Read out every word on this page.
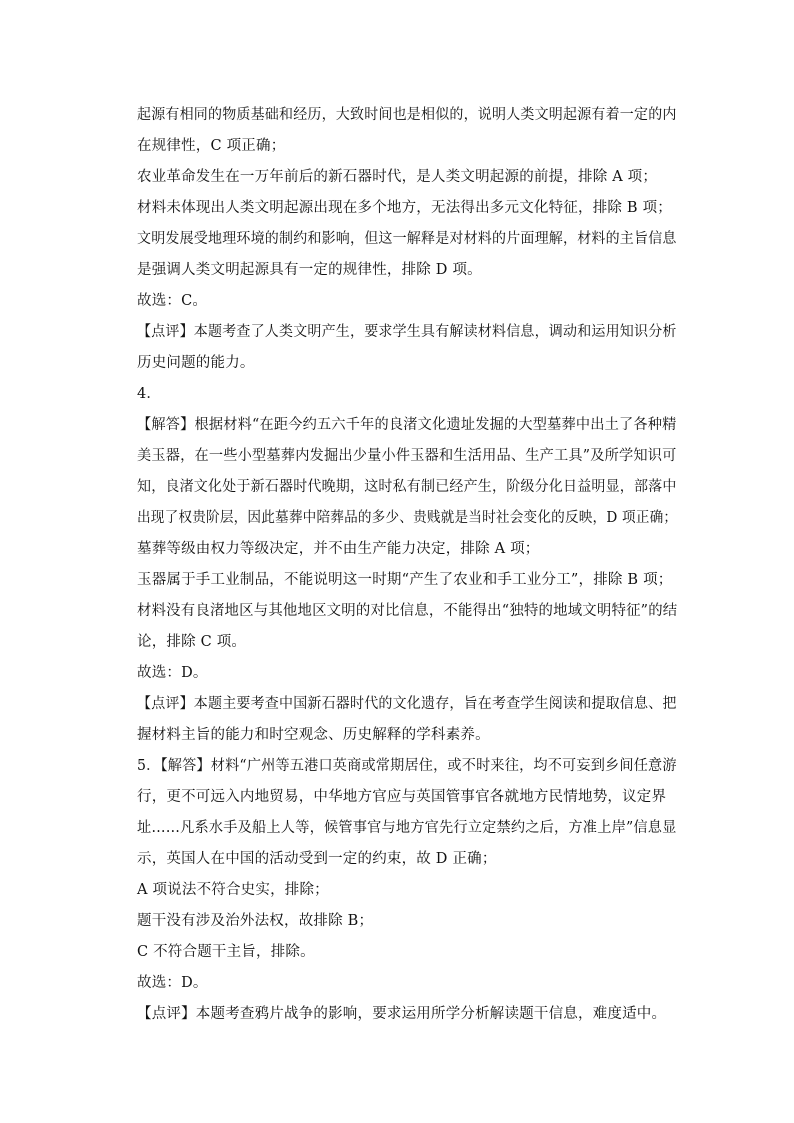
起源有相同的物质基础和经历，大致时间也是相似的，说明人类文明起源有着一定的内
在规律性，C 项正确；
农业革命发生在一万年前后的新石器时代，是人类文明起源的前提，排除 A 项；
材料未体现出人类文明起源出现在多个地方，无法得出多元文化特征，排除 B 项；
文明发展受地理环境的制约和影响，但这一解释是对材料的片面理解，材料的主旨信息
是强调人类文明起源具有一定的规律性，排除 D 项。
故选：C。
【点评】本题考查了人类文明产生，要求学生具有解读材料信息，调动和运用知识分析
历史问题的能力。
4．
【解答】根据材料“在距今约五六千年的良渚文化遗址发掘的大型墓葬中出土了各种精 美玉器，在一些小型墓葬内发掘出少量小件玉器和生活用品、生产工具”及所学知识可 知，良渚文化处于新石器时代晚期，这时私有制已经产生，阶级分化日益明显，部落中 出现了权贵阶层，因此墓葬中陪葬品的多少、贵贱就是当时社会变化的反映，D 项正确；
墓葬等级由权力等级决定，并不由生产能力决定，排除 A 项；
玉器属于手工业制品，不能说明这一时期“产生了农业和手工业分工”，排除 B 项；
材料没有良渚地区与其他地区文明的对比信息，不能得出“独特的地域文明特征”的结
论，排除 C 项。
故选：D。
【点评】本题主要考查中国新石器时代的文化遗存，旨在考查学生阅读和提取信息、把
握材料主旨的能力和时空观念、历史解释的学科素养。
5．【解答】材料“广州等五港口英商或常期居住，或不时来往，均不可妄到乡间任意游
行，更不可远入内地贸易，中华地方官应与英国管事官各就地方民情地势，议定界
址……凡系水手及船上人等，候管事官与地方官先行立定禁约之后，方准上岸”信息显
示，英国人在中国的活动受到一定的约束，故 D 正确；
A 项说法不符合史实，排除；
题干没有涉及治外法权，故排除 B；
C 不符合题干主旨，排除。
故选：D。
【点评】本题考查鸦片战争的影响，要求运用所学分析解读题干信息，难度适中。
